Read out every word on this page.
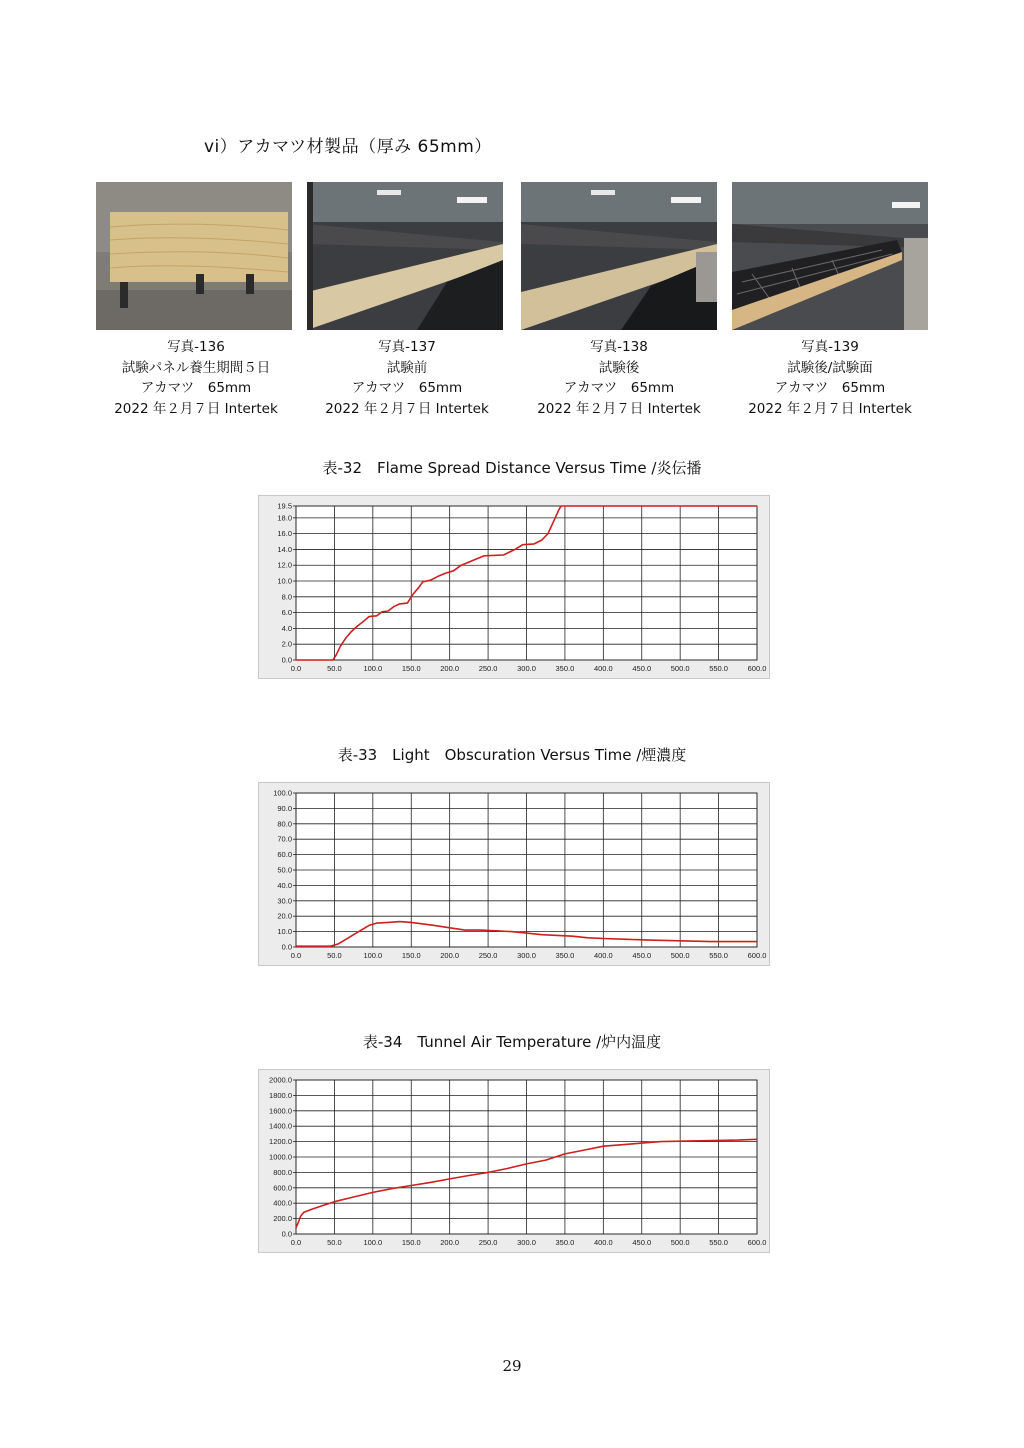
vi）アカマツ材製品（厚み 65mm）
写真-136
試験パネル養生期間５日
アカマツ　65mm
2022 年２月７日 Intertek
写真-137
試験前
アカマツ　65mm
2022 年２月７日 Intertek
写真-138
試験後
アカマツ　65mm
2022 年２月７日 Intertek
写真-139
試験後/試験面
アカマツ　65mm
2022 年２月７日 Intertek
表-32　Flame Spread Distance Versus Time /炎伝播
0.0	50.0	100.0	150.0	200.0	250.0	300.0	350.0	400.0	450.0	500.0	550.0	600.0
0.0
2.0
4.0
6.0
8.0
10.0
12.0
14.0
16.0
18.0
19.5
表-33　Light　Obscuration Versus Time /煙濃度
0.0	50.0	100.0	150.0	200.0	250.0	300.0	350.0	400.0	450.0	500.0	550.0	600.0
0.0
10.0
20.0
30.0
40.0
50.0
60.0
70.0
80.0
90.0
100.0
表-34　Tunnel Air Temperature /炉内温度
0.0	50.0	100.0	150.0	200.0	250.0	300.0	350.0	400.0	450.0	500.0	550.0	600.0
0.0
200.0
400.0
600.0
800.0
1000.0
1200.0
1400.0
1600.0
1800.0
2000.0
29
